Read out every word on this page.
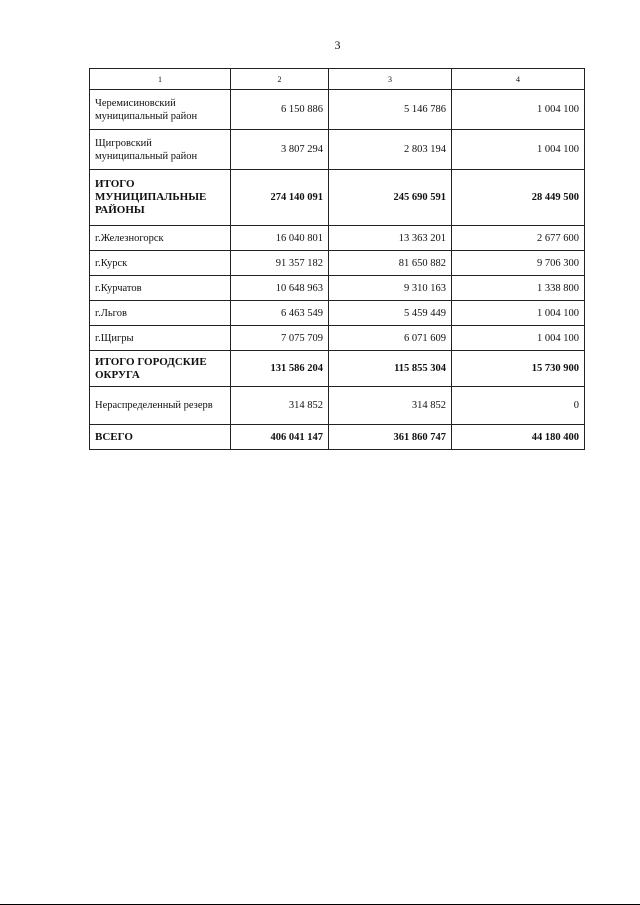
3
1	2	3	4
Черемисиновский муниципальный район	6 150 886	5 146 786	1 004 100
Щигровский муниципальный район	3 807 294	2 803 194	1 004 100
ИТОГО МУНИЦИПАЛЬНЫЕ РАЙОНЫ	274 140 091	245 690 591	28 449 500
г.Железногорск	16 040 801	13 363 201	2 677 600
г.Курск	91 357 182	81 650 882	9 706 300
г.Курчатов	10 648 963	9 310 163	1 338 800
г.Льгов	6 463 549	5 459 449	1 004 100
г.Щигры	7 075 709	6 071 609	1 004 100
ИТОГО ГОРОДСКИЕ ОКРУГА	131 586 204	115 855 304	15 730 900
Нераспределенный резерв	314 852	314 852	0
ВСЕГО	406 041 147	361 860 747	44 180 400
